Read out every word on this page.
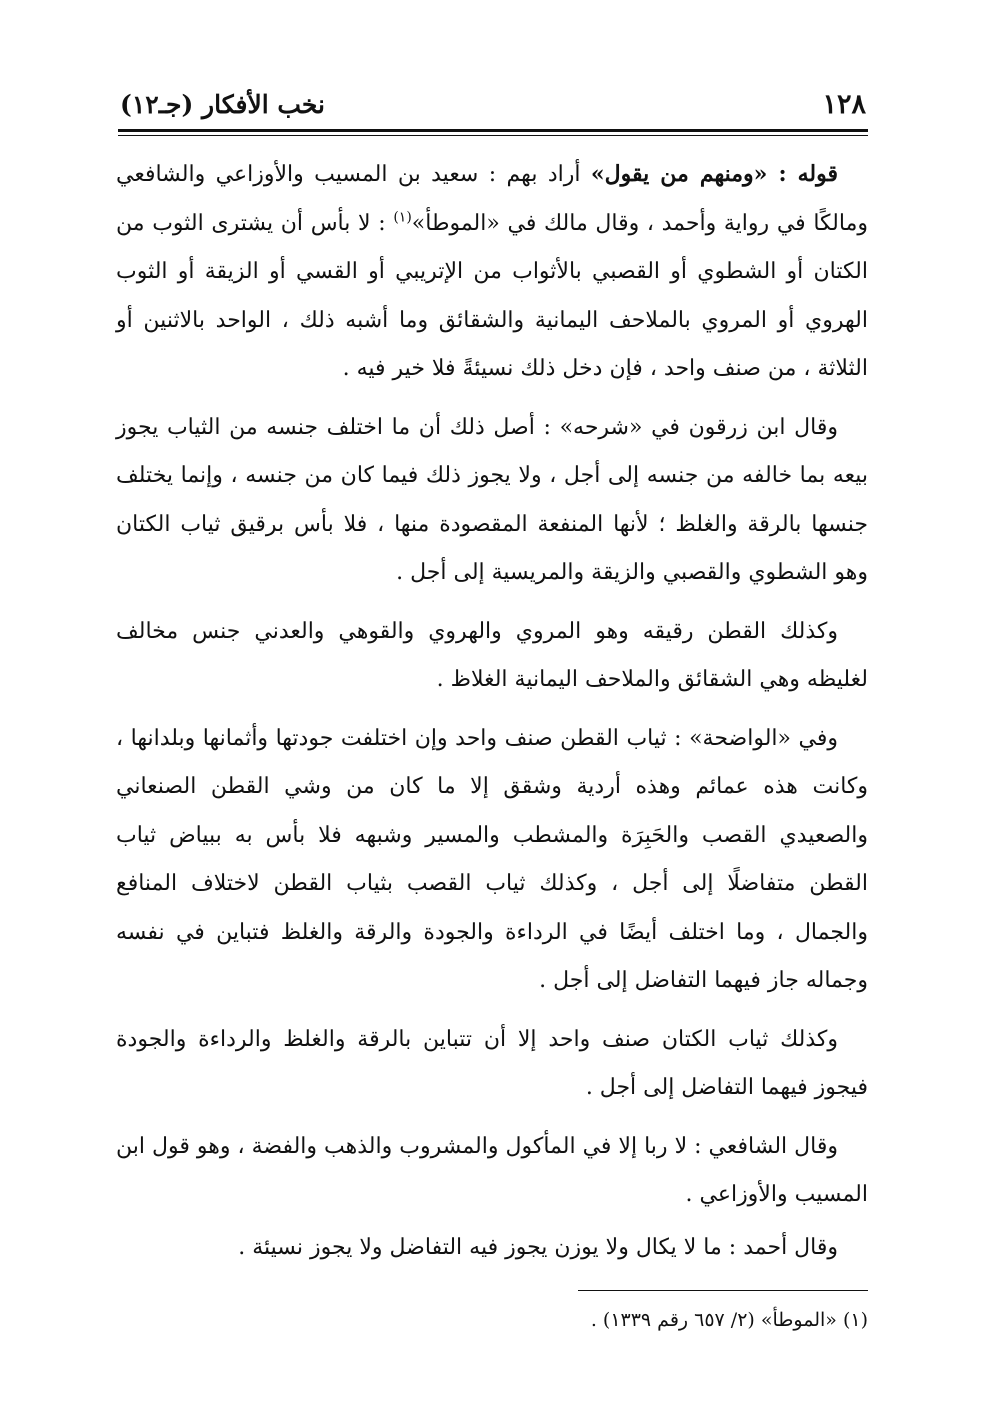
١٢٨
نخب الأفكار (جـ١٢)

قوله : «ومنهم من يقول» أراد بهم : سعيد بن المسيب والأوزاعي والشافعي ومالكًا في رواية وأحمد ، وقال مالك في «الموطأ»$^{(١)}$ : لا بأس أن يشترى الثوب من الكتان أو الشطوي أو القصبي بالأثواب من الإتريبي أو القسي أو الزيقة أو الثوب الهروي أو المروي بالملاحف اليمانية والشقائق وما أشبه ذلك ، الواحد بالاثنين أو الثلاثة ، من صنف واحد ، فإن دخل ذلك نسيئةً فلا خير فيه .

وقال ابن زرقون في «شرحه» : أصل ذلك أن ما اختلف جنسه من الثياب يجوز بيعه بما خالفه من جنسه إلى أجل ، ولا يجوز ذلك فيما كان من جنسه ، وإنما يختلف جنسها بالرقة والغلظ ؛ لأنها المنفعة المقصودة منها ، فلا بأس برقيق ثياب الكتان وهو الشطوي والقصبي والزيقة والمريسية إلى أجل .

وكذلك القطن رقيقه وهو المروي والهروي والقوهي والعدني جنس مخالف لغليظه وهي الشقائق والملاحف اليمانية الغلاظ .

وفي «الواضحة» : ثياب القطن صنف واحد وإن اختلفت جودتها وأثمانها وبلدانها ، وكانت هذه عمائم وهذه أردية وشقق إلا ما كان من وشي القطن الصنعاني والصعيدي القصب والحَبِرَة والمشطب والمسير وشبهه فلا بأس به ببياض ثياب القطن متفاضلًا إلى أجل ، وكذلك ثياب القصب بثياب القطن لاختلاف المنافع والجمال ، وما اختلف أيضًا في الرداءة والجودة والرقة والغلظ فتباين في نفسه وجماله جاز فيهما التفاضل إلى أجل .

وكذلك ثياب الكتان صنف واحد إلا أن تتباين بالرقة والغلظ والرداءة والجودة فيجوز فيهما التفاضل إلى أجل .

وقال الشافعي : لا ربا إلا في المأكول والمشروب والذهب والفضة ، وهو قول ابن المسيب والأوزاعي .

وقال أحمد : ما لا يكال ولا يوزن يجوز فيه التفاضل ولا يجوز نسيئة .

(١) «الموطأ» (٢/ ٦٥٧ رقم ١٣٣٩) .
